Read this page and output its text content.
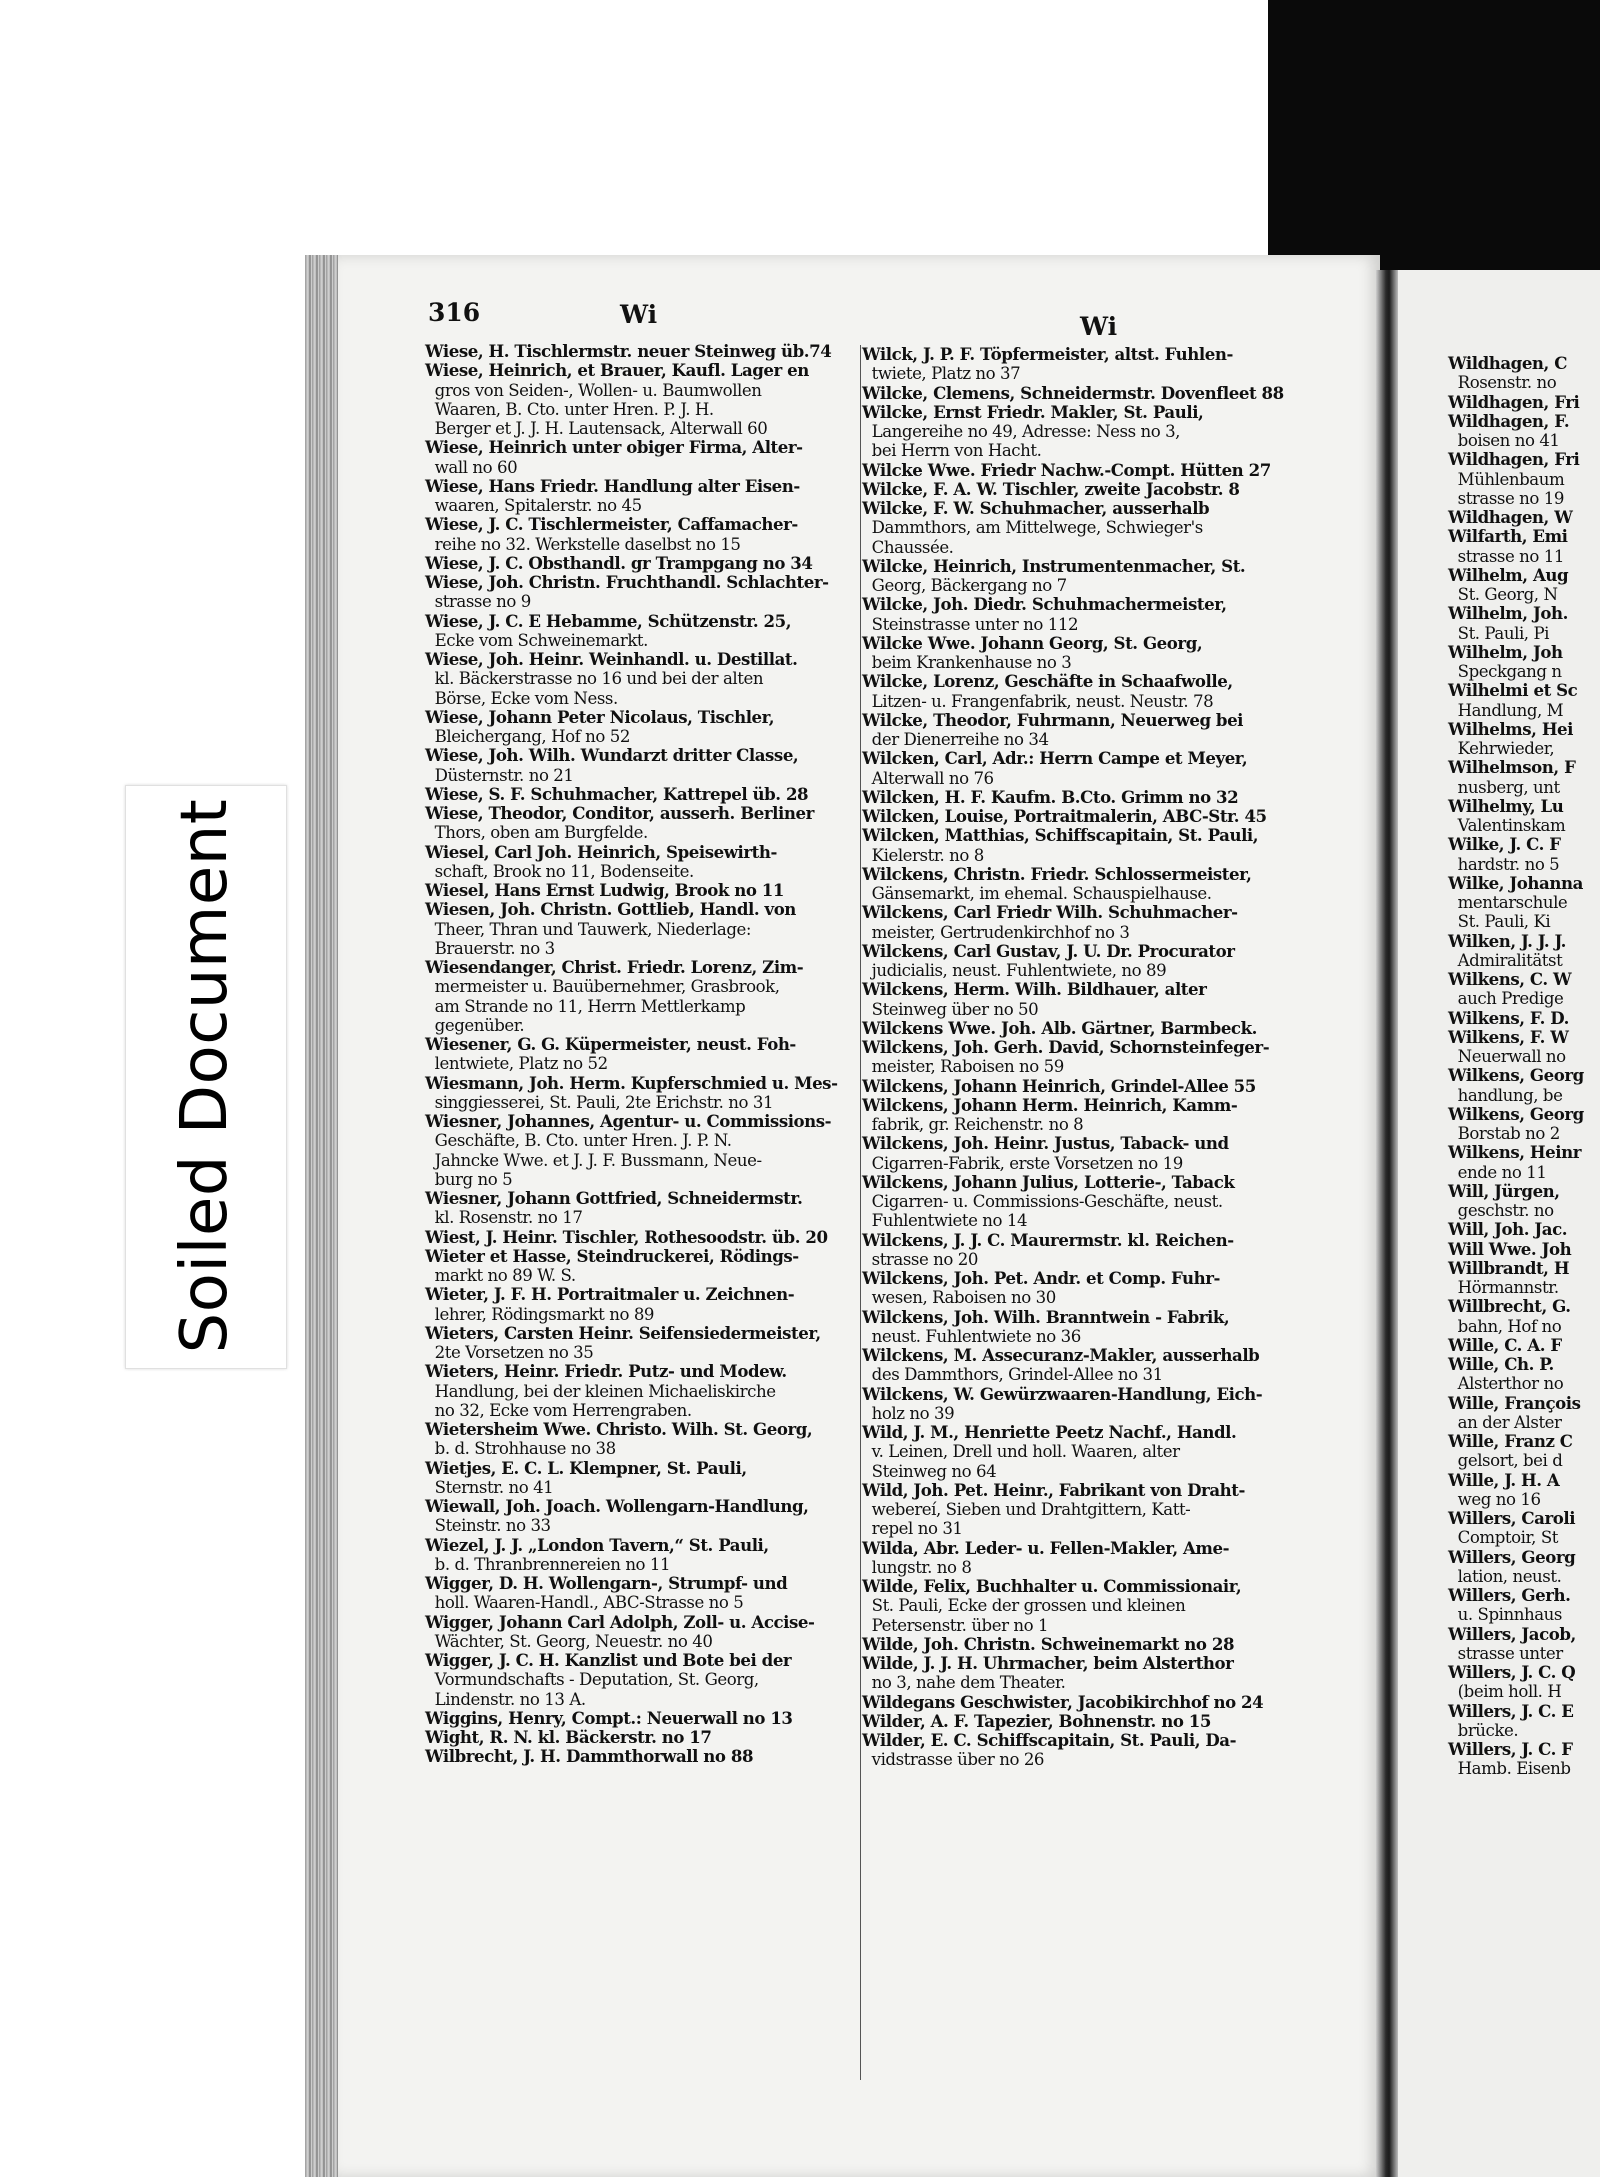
316	Wi	Wi
Wiese, H. Tischlermstr. neuer Steinweg üb.74
Wiese, Heinrich, et Brauer, Kaufl. Lager en
gros von Seiden-, Wollen- u. Baumwollen
Waaren, B. Cto. unter Hren. P. J. H.
Berger et J. J. H. Lautensack, Alterwall 60
Wiese, Heinrich unter obiger Firma, Alter-
wall no 60
Wiese, Hans Friedr. Handlung alter Eisen-
waaren, Spitalerstr. no 45
Wiese, J. C. Tischlermeister, Caffamacher-
reihe no 32. Werkstelle daselbst no 15
Wiese, J. C. Obsthandl. gr Trampgang no 34
Wiese, Joh. Christn. Fruchthandl. Schlachter-
strasse no 9
Wiese, J. C. E Hebamme, Schützenstr. 25,
Ecke vom Schweinemarkt.
Wiese, Joh. Heinr. Weinhandl. u. Destillat.
kl. Bäckerstrasse no 16 und bei der alten
Börse, Ecke vom Ness.
Wiese, Johann Peter Nicolaus, Tischler,
Bleichergang, Hof no 52
Wiese, Joh. Wilh. Wundarzt dritter Classe,
Düsternstr. no 21
Wiese, S. F. Schuhmacher, Kattrepel üb. 28
Wiese, Theodor, Conditor, ausserh. Berliner
Thors, oben am Burgfelde.
Wiesel, Carl Joh. Heinrich, Speisewirth-
schaft, Brook no 11, Bodenseite.
Wiesel, Hans Ernst Ludwig, Brook no 11
Wiesen, Joh. Christn. Gottlieb, Handl. von
Theer, Thran und Tauwerk, Niederlage:
Brauerstr. no 3
Wiesendanger, Christ. Friedr. Lorenz, Zim-
mermeister u. Bauübernehmer, Grasbrook,
am Strande no 11, Herrn Mettlerkamp
gegenüber.
Wiesener, G. G. Küpermeister, neust. Foh-
lentwiete, Platz no 52
Wiesmann, Joh. Herm. Kupferschmied u. Mes-
singgiesserei, St. Pauli, 2te Erichstr. no 31
Wiesner, Johannes, Agentur- u. Commissions-
Geschäfte, B. Cto. unter Hren. J. P. N.
Jahncke Wwe. et J. J. F. Bussmann, Neue-
burg no 5
Wiesner, Johann Gottfried, Schneidermstr.
kl. Rosenstr. no 17
Wiest, J. Heinr. Tischler, Rothesoodstr. üb. 20
Wieter et Hasse, Steindruckerei, Rödings-
markt no 89 W. S.
Wieter, J. F. H. Portraitmaler u. Zeichnen-
lehrer, Rödingsmarkt no 89
Wieters, Carsten Heinr. Seifensiedermeister,
2te Vorsetzen no 35
Wieters, Heinr. Friedr. Putz- und Modew.
Handlung, bei der kleinen Michaeliskirche
no 32, Ecke vom Herrengraben.
Wietersheim Wwe. Christo. Wilh. St. Georg,
b. d. Strohhause no 38
Wietjes, E. C. L. Klempner, St. Pauli,
Sternstr. no 41
Wiewall, Joh. Joach. Wollengarn-Handlung,
Steinstr. no 33
Wiezel, J. J. „London Tavern,“ St. Pauli,
b. d. Thranbrennereien no 11
Wigger, D. H. Wollengarn-, Strumpf- und
holl. Waaren-Handl., ABC-Strasse no 5
Wigger, Johann Carl Adolph, Zoll- u. Accise-
Wächter, St. Georg, Neuestr. no 40
Wigger, J. C. H. Kanzlist und Bote bei der
Vormundschafts - Deputation, St. Georg,
Lindenstr. no 13 A.
Wiggins, Henry, Compt.: Neuerwall no 13
Wight, R. N. kl. Bäckerstr. no 17
Wilbrecht, J. H. Dammthorwall no 88
Wilck, J. P. F. Töpfermeister, altst. Fuhlen-
twiete, Platz no 37
Wilcke, Clemens, Schneidermstr. Dovenfleet 88
Wilcke, Ernst Friedr. Makler, St. Pauli,
Langereihe no 49, Adresse: Ness no 3,
bei Herrn von Hacht.
Wilcke Wwe. Friedr Nachw.-Compt. Hütten 27
Wilcke, F. A. W. Tischler, zweite Jacobstr. 8
Wilcke, F. W. Schuhmacher, ausserhalb
Dammthors, am Mittelwege, Schwieger's
Chaussée.
Wilcke, Heinrich, Instrumentenmacher, St.
Georg, Bäckergang no 7
Wilcke, Joh. Diedr. Schuhmachermeister,
Steinstrasse unter no 112
Wilcke Wwe. Johann Georg, St. Georg,
beim Krankenhause no 3
Wilcke, Lorenz, Geschäfte in Schaafwolle,
Litzen- u. Frangenfabrik, neust. Neustr. 78
Wilcke, Theodor, Fuhrmann, Neuerweg bei
der Dienerreihe no 34
Wilcken, Carl, Adr.: Herrn Campe et Meyer,
Alterwall no 76
Wilcken, H. F. Kaufm. B.Cto. Grimm no 32
Wilcken, Louise, Portraitmalerin, ABC-Str. 45
Wilcken, Matthias, Schiffscapitain, St. Pauli,
Kielerstr. no 8
Wilckens, Christn. Friedr. Schlossermeister,
Gänsemarkt, im ehemal. Schauspielhause.
Wilckens, Carl Friedr Wilh. Schuhmacher-
meister, Gertrudenkirchhof no 3
Wilckens, Carl Gustav, J. U. Dr. Procurator
judicialis, neust. Fuhlentwiete, no 89
Wilckens, Herm. Wilh. Bildhauer, alter
Steinweg über no 50
Wilckens Wwe. Joh. Alb. Gärtner, Barmbeck.
Wilckens, Joh. Gerh. David, Schornsteinfeger-
meister, Raboisen no 59
Wilckens, Johann Heinrich, Grindel-Allee 55
Wilckens, Johann Herm. Heinrich, Kamm-
fabrik, gr. Reichenstr. no 8
Wilckens, Joh. Heinr. Justus, Taback- und
Cigarren-Fabrik, erste Vorsetzen no 19
Wilckens, Johann Julius, Lotterie-, Taback
Cigarren- u. Commissions-Geschäfte, neust.
Fuhlentwiete no 14
Wilckens, J. J. C. Maurermstr. kl. Reichen-
strasse no 20
Wilckens, Joh. Pet. Andr. et Comp. Fuhr-
wesen, Raboisen no 30
Wilckens, Joh. Wilh. Branntwein - Fabrik,
neust. Fuhlentwiete no 36
Wilckens, M. Assecuranz-Makler, ausserhalb
des Dammthors, Grindel-Allee no 31
Wilckens, W. Gewürzwaaren-Handlung, Eich-
holz no 39
Wild, J. M., Henriette Peetz Nachf., Handl.
v. Leinen, Drell und holl. Waaren, alter
Steinweg no 64
Wild, Joh. Pet. Heinr., Fabrikant von Draht-
webereí, Sieben und Drahtgittern, Katt-
repel no 31
Wilda, Abr. Leder- u. Fellen-Makler, Ame-
lungstr. no 8
Wilde, Felix, Buchhalter u. Commissionair,
St. Pauli, Ecke der grossen und kleinen
Petersenstr. über no 1
Wilde, Joh. Christn. Schweinemarkt no 28
Wilde, J. J. H. Uhrmacher, beim Alsterthor
no 3, nahe dem Theater.
Wildegans Geschwister, Jacobikirchhof no 24
Wilder, A. F. Tapezier, Bohnenstr. no 15
Wilder, E. C. Schiffscapitain, St. Pauli, Da-
vidstrasse über no 26
Wildhagen, C
Rosenstr. no
Wildhagen, Fri
Wildhagen, F.
boisen no 41
Wildhagen, Fri
Mühlenbaum
strasse no 19
Wildhagen, W
Wilfarth, Emi
strasse no 11
Wilhelm, Aug
St. Georg, N
Wilhelm, Joh.
St. Pauli, Pi
Wilhelm, Joh
Speckgang n
Wilhelmi et Sc
Handlung, M
Wilhelms, Hei
Kehrwieder,
Wilhelmson, F
nusberg, unt
Wilhelmy, Lu
Valentinskam
Wilke, J. C. F
hardstr. no 5
Wilke, Johanna
mentarschule
St. Pauli, Ki
Wilken, J. J. J.
Admiralitätst
Wilkens, C. W
auch Predige
Wilkens, F. D.
Wilkens, F. W
Neuerwall no
Wilkens, Georg
handlung, be
Wilkens, Georg
Borstab no 2
Wilkens, Heinr
ende no 11
Will, Jürgen,
geschstr. no
Will, Joh. Jac.
Will Wwe. Joh
Willbrandt, H
Hörmannstr.
Willbrecht, G.
bahn, Hof no
Wille, C. A. F
Wille, Ch. P.
Alsterthor no
Wille, François
an der Alster
Wille, Franz C
gelsort, bei d
Wille, J. H. A
weg no 16
Willers, Caroli
Comptoir, St
Willers, Georg
lation, neust.
Willers, Gerh.
u. Spinnhaus
Willers, Jacob,
strasse unter
Willers, J. C. Q
(beim holl. H
Willers, J. C. E
brücke.
Willers, J. C. F
Hamb. Eisenb
Soiled Document
